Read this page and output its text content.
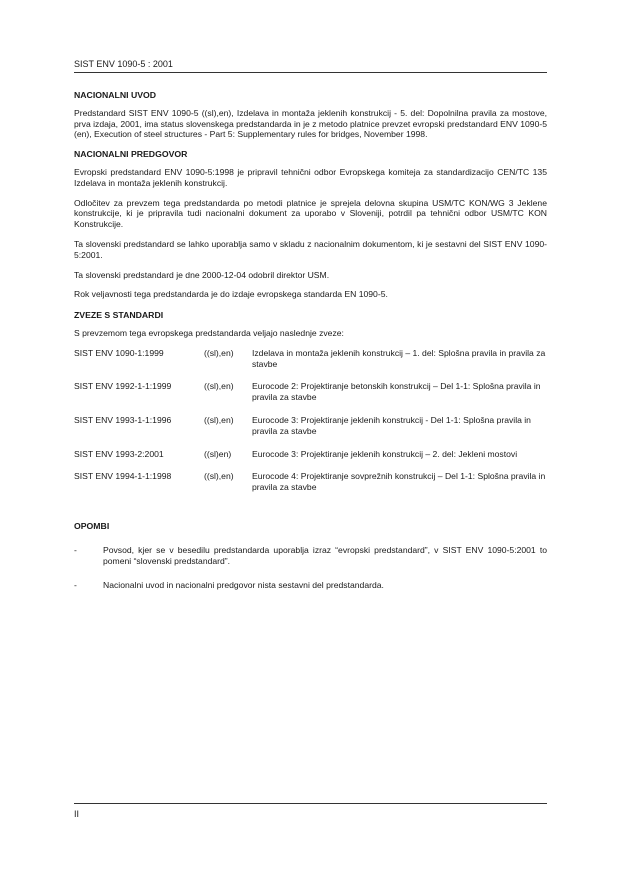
SIST ENV 1090-5 : 2001
NACIONALNI UVOD

Predstandard SIST ENV 1090-5 ((sl),en), Izdelava in montaža jeklenih konstrukcij - 5. del: Dopolnilna pravila za mostove, prva izdaja, 2001, ima status slovenskega predstandarda in je z metodo platnice prevzet evropski predstandard ENV 1090-5 (en), Execution of steel structures - Part 5: Supplementary rules for bridges, November 1998.

NACIONALNI PREDGOVOR

Evropski predstandard ENV 1090-5:1998 je pripravil tehnični odbor Evropskega komiteja za standardizacijo CEN/TC 135 Izdelava in montaža jeklenih konstrukcij.

Odločitev za prevzem tega predstandarda po metodi platnice je sprejela delovna skupina USM/TC KON/WG 3 Jeklene konstrukcije, ki je pripravila tudi nacionalni dokument za uporabo v Sloveniji, potrdil pa tehnični odbor USM/TC KON Konstrukcije.

Ta slovenski predstandard se lahko uporablja samo v skladu z nacionalnim dokumentom, ki je sestavni del SIST ENV 1090-5:2001.

Ta slovenski predstandard je dne 2000-12-04 odobril direktor USM.

Rok veljavnosti tega predstandarda je do izdaje evropskega standarda EN 1090-5.

ZVEZE S STANDARDI

S prevzemom tega evropskega predstandarda veljajo naslednje zveze:

SIST ENV 1090-1:1999	((sl),en)	Izdelava in montaža jeklenih konstrukcij – 1. del: Splošna pravila in pravila za stavbe
SIST ENV 1992-1-1:1999	((sl),en)	Eurocode 2: Projektiranje betonskih konstrukcij – Del 1-1: Splošna pravila in pravila za stavbe
SIST ENV 1993-1-1:1996	((sl),en)	Eurocode 3: Projektiranje jeklenih konstrukcij - Del 1-1: Splošna pravila in pravila za stavbe
SIST ENV 1993-2:2001	((sl)en)	Eurocode 3: Projektiranje jeklenih konstrukcij – 2. del: Jekleni mostovi
SIST ENV 1994-1-1:1998	((sl),en)	Eurocode 4: Projektiranje sovprežnih konstrukcij – Del 1-1: Splošna pravila in pravila za stavbe
OPOMBI
-	Povsod, kjer se v besedilu predstandarda uporablja izraz “evropski predstandard”, v SIST ENV 1090-5:2001 to pomeni “slovenski predstandard”.
-	Nacionalni uvod in nacionalni predgovor nista sestavni del predstandarda.
II
